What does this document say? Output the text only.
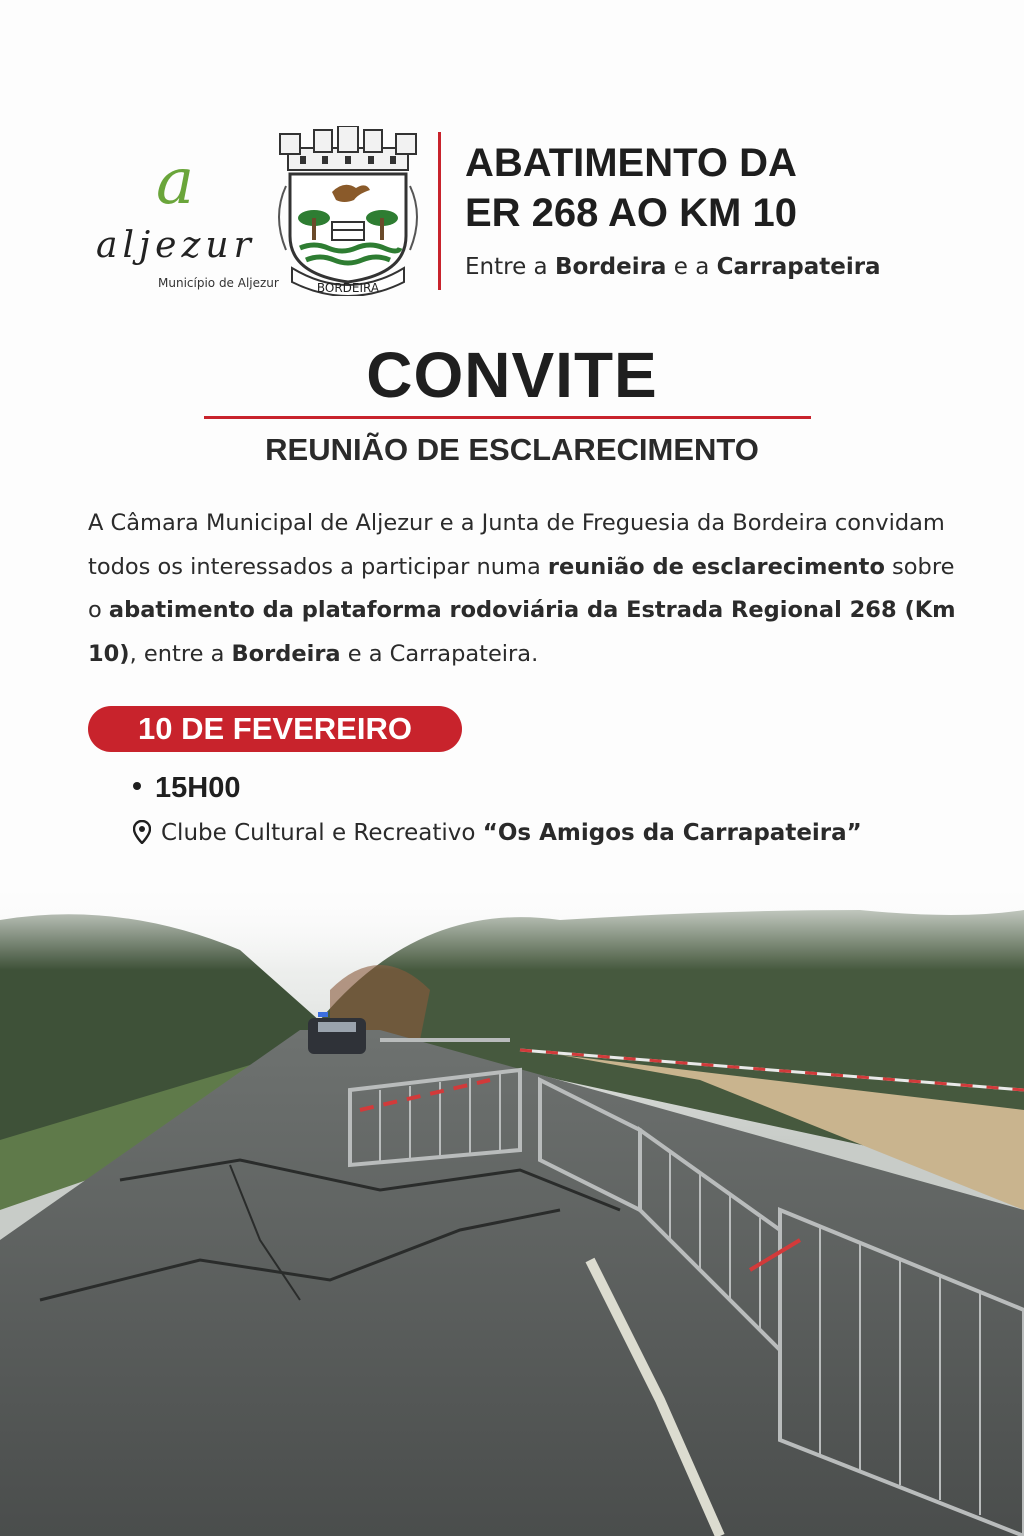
a
aljezur
Município de Aljezur	BORDEIRA
ABATIMENTO DA
ER 268 AO KM 10
Entre a Bordeira e a Carrapateira
CONVITE
REUNIÃO DE ESCLARECIMENTO
A Câmara Municipal de Aljezur e a Junta de Freguesia da Bordeira convidam todos os interessados a participar numa reunião de esclarecimento sobre o abatimento da plataforma rodoviária da Estrada Regional 268 (Km 10), entre a Bordeira e a Carrapateira.
10 DE FEVEREIRO
15H00
Clube Cultural e Recreativo “Os Amigos da Carrapateira”
